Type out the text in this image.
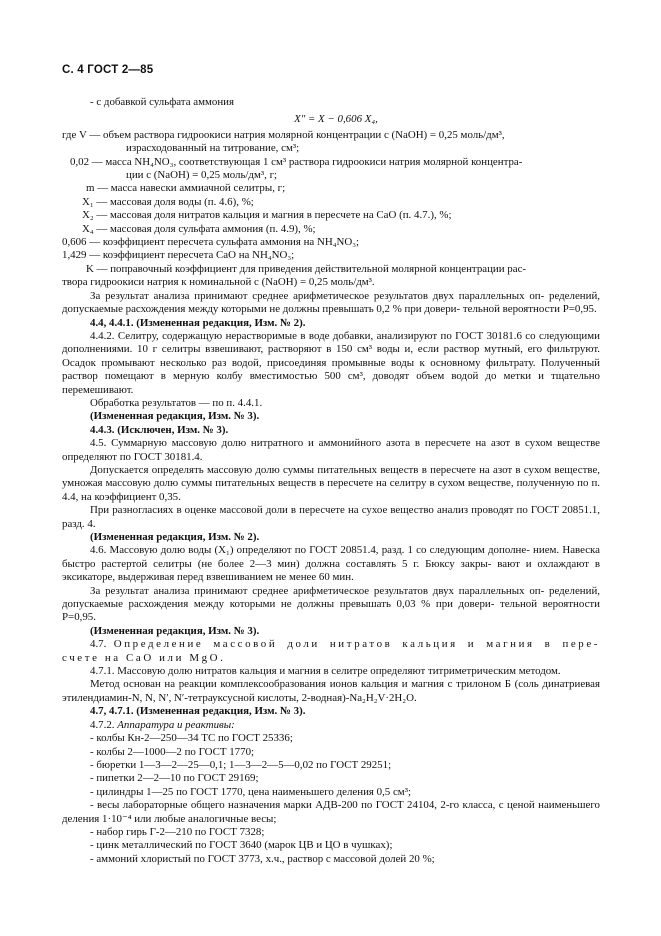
С. 4 ГОСТ 2—85

- с добавкой сульфата аммония

X″ = X − 0,606 X₄,

где V — объем раствора гидроокиси натрия молярной концентрации c (NaOH) = 0,25 моль/дм³,

израсходованный на титрование, см³;

0,02 — масса NH₄NO₃, соответствующая 1 см³ раствора гидроокиси натрия молярной концентра-

ции c (NaOH) = 0,25 моль/дм³, г;

m — масса навески аммиачной селитры, г;

X₁ — массовая доля воды (п. 4.6), %;

X₂ — массовая доля нитратов кальция и магния в пересчете на CaO (п. 4.7.), %;

X₄ — массовая доля сульфата аммония (п. 4.9), %;

0,606 — коэффициент пересчета сульфата аммония на NH₄NO₃;

1,429 — коэффициент пересчета CaO на NH₄NO₃;

K — поправочный коэффициент для приведения действительной молярной концентрации рас-

твора гидроокиси натрия к номинальной c (NaOH) = 0,25 моль/дм³.

За результат анализа принимают среднее арифметическое результатов двух параллельных оп- ределений, допускаемые расхождения между которыми не должны превышать 0,2 % при довери- тельной вероятности P=0,95.

4.4, 4.4.1. (Измененная редакция, Изм. № 2).

4.4.2. Селитру, содержащую нерастворимые в воде добавки, анализируют по ГОСТ 30181.6 со следующими дополнениями. 10 г селитры взвешивают, растворяют в 150 см³ воды и, если раствор мутный, его фильтруют. Осадок промывают несколько раз водой, присоединяя промывные воды к основному фильтрату. Полученный раствор помещают в мерную колбу вместимостью 500 см³, доводят объем водой до метки и тщательно перемешивают.

Обработка результатов — по п. 4.4.1.

(Измененная редакция, Изм. № 3).

4.4.3. (Исключен, Изм. № 3).

4.5. Суммарную массовую долю нитратного и аммонийного азота в пересчете на азот в сухом веществе определяют по ГОСТ 30181.4.

Допускается определять массовую долю суммы питательных веществ в пересчете на азот в сухом веществе, умножая массовую долю суммы питательных веществ в пересчете на селитру в сухом веществе, полученную по п. 4.4, на коэффициент 0,35.

При разногласиях в оценке массовой доли в пересчете на сухое вещество анализ проводят по ГОСТ 20851.1, разд. 4.

(Измененная редакция, Изм. № 2).

4.6. Массовую долю воды (X₁) определяют по ГОСТ 20851.4, разд. 1 со следующим дополне- нием. Навеска быстро растертой селитры (не более 2—3 мин) должна составлять 5 г. Бюксу закры- вают и охлаждают в эксикаторе, выдерживая перед взвешиванием не менее 60 мин.

За результат анализа принимают среднее арифметическое результатов двух параллельных оп- ределений, допускаемые расхождения между которыми не должны превышать 0,03 % при довери- тельной вероятности P=0,95.

(Измененная редакция, Изм. № 3).

4.7. Определение массовой доли нитратов кальция и магния в пере- счете на CaO или MgO.

4.7.1. Массовую долю нитратов кальция и магния в селитре определяют титриметрическим методом.

Метод основан на реакции комплексообразования ионов кальция и магния с трилоном Б (соль динатриевая этилендиамин-N, N, N′, N′-тетрауксусной кислоты, 2-водная)-Na₂H₂V·2H₂O.

4.7, 4.7.1. (Измененная редакция, Изм. № 3).

4.7.2. Аппаратура и реактивы:

- колбы Кн-2—250—34 ТС по ГОСТ 25336;

- колбы 2—1000—2 по ГОСТ 1770;

- бюретки 1—3—2—25—0,1; 1—3—2—5—0,02 по ГОСТ 29251;

- пипетки 2—2—10 по ГОСТ 29169;

- цилиндры 1—25 по ГОСТ 1770, цена наименьшего деления 0,5 см³;

- весы лабораторные общего назначения марки АДВ-200 по ГОСТ 24104, 2-го класса, с ценой наименьшего деления 1·10⁻⁴ или любые аналогичные весы;

- набор гирь Г-2—210 по ГОСТ 7328;

- цинк металлический по ГОСТ 3640 (марок ЦВ и ЦО в чушках);

- аммоний хлористый по ГОСТ 3773, х.ч., раствор с массовой долей 20 %;
